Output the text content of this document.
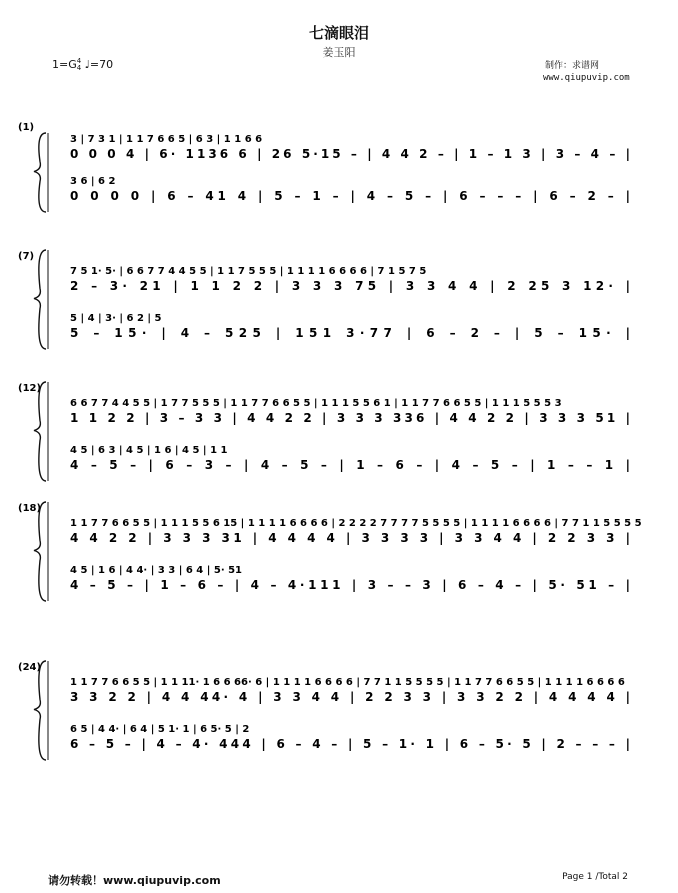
七滴眼泪
姜玉阳
1=G4
4 ♩=70	制作：求谱网
www.qiupuvip.com
(1)
3 | 7 3 1 | 1 1 7 6 6 5 | 6 3 | 1 1 6 6
0 0 0 4 | 6· 1136 6 | 26 5·15 – | 4 4 2 – | 1 – 1 3 | 3 – 4 – |
3 6 | 6 2
0 0 0 0 | 6 – 41 4 | 5 – 1 – | 4 – 5 – | 6 – – – | 6 – 2 – |
(7)
7 5 1· 5· | 6 6 7 7 4 4 5 5 | 1 1 7 5 5 5 | 1 1 1 1 6 6 6 6 | 7 1 5 7 5
2 – 3· 21 | 1 1 2 2 | 3 3 3 75 | 3 3 4 4 | 2 25 3 12· |
5 | 4 | 3· | 6 2 | 5
5 – 15· | 4 – 525 | 151 3·77 | 6 – 2 – | 5 – 15· |
(12)
6 6 7 7 4 4 5 5 | 1 7 7 5 5 5 | 1 1 7 7 6 6 5 5 | 1 1 1 5 5 6 1 | 1 1 7 7 6 6 5 5 | 1 1 1 5 5 5 3
1 1 2 2 | 3 – 3 3 | 4 4 2 2 | 3 3 3 336 | 4 4 2 2 | 3 3 3 51 |
4 5 | 6 3 | 4 5 | 1 6 | 4 5 | 1 1
4 – 5 – | 6 – 3 – | 4 – 5 – | 1 – 6 – | 4 – 5 – | 1 – – 1 |
(18)
1 1 7 7 6 6 5 5 | 1 1 1 5 5 6 15 | 1 1 1 1 6 6 6 6 | 2 2 2 2 7 7 7 7 5 5 5 5 | 1 1 1 1 6 6 6 6 | 7 7 1 1 5 5 5 5
4 4 2 2 | 3 3 3 31 | 4 4 4 4 | 3 3 3 3 | 3 3 4 4 | 2 2 3 3 |
4 5 | 1 6 | 4 4· | 3 3 | 6 4 | 5· 51
4 – 5 – | 1 – 6 – | 4 – 4·111 | 3 – – 3 | 6 – 4 – | 5· 51 – |
(24)
1 1 7 7 6 6 5 5 | 1 1 11· 1 6 6 66· 6 | 1 1 1 1 6 6 6 6 | 7 7 1 1 5 5 5 5 | 1 1 7 7 6 6 5 5 | 1 1 1 1 6 6 6 6
3 3 2 2 | 4 4 44· 4 | 3 3 4 4 | 2 2 3 3 | 3 3 2 2 | 4 4 4 4 |
6 5 | 4 4· | 6 4 | 5 1· 1 | 6 5· 5 | 2
6 – 5 – | 4 – 4· 444 | 6 – 4 – | 5 – 1· 1 | 6 – 5· 5 | 2 – – – |
请勿转载！www.qiupuvip.com	Page 1 /Total 2
